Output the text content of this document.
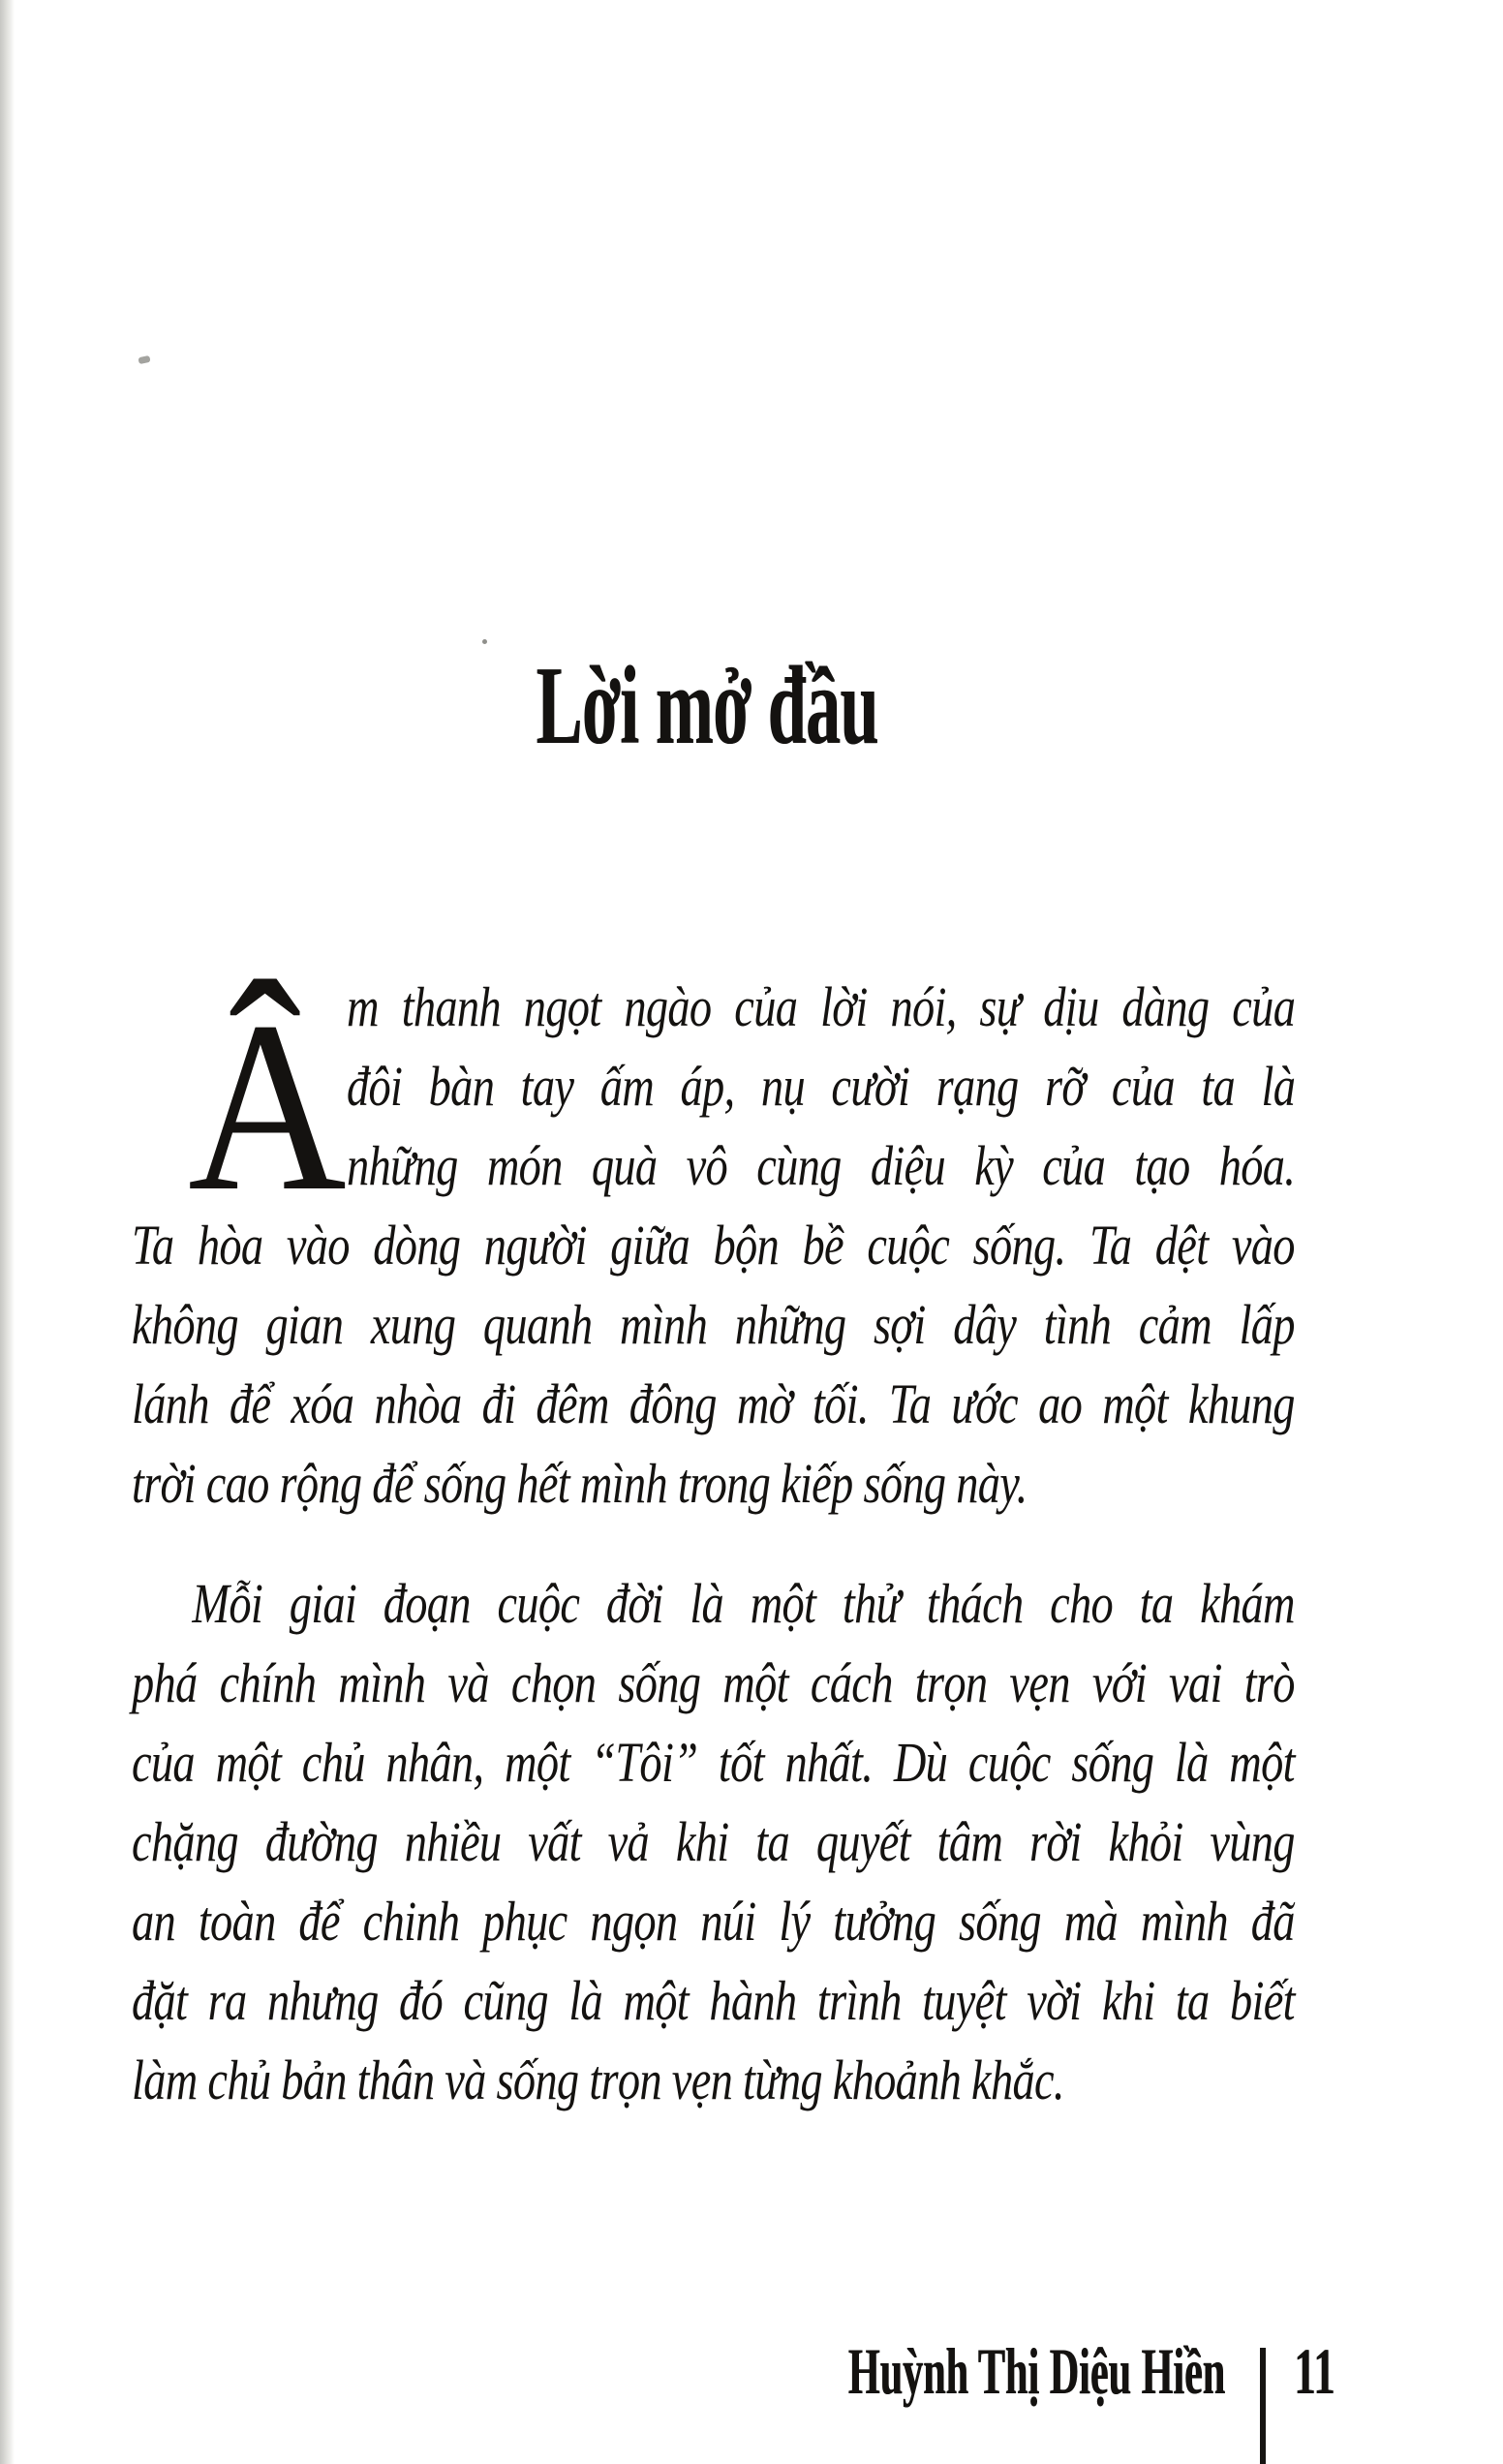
Lời mở đầu
Â m thanh ngọt ngào của lời nói, sự dịu dàng của
đôi bàn tay ấm áp, nụ cười rạng rỡ của ta là
những món quà vô cùng diệu kỳ của tạo hóa.
Ta hòa vào dòng người giữa bộn bề cuộc sống. Ta dệt vào
không gian xung quanh mình những sợi dây tình cảm lấp
lánh để xóa nhòa đi đêm đông mờ tối. Ta ước ao một khung
trời cao rộng để sống hết mình trong kiếp sống này.
Mỗi giai đoạn cuộc đời là một thử thách cho ta khám
phá chính mình và chọn sống một cách trọn vẹn với vai trò
của một chủ nhân, một “Tôi” tốt nhất. Dù cuộc sống là một
chặng đường nhiều vất vả khi ta quyết tâm rời khỏi vùng
an toàn để chinh phục ngọn núi lý tưởng sống mà mình đã
đặt ra nhưng đó cũng là một hành trình tuyệt vời khi ta biết
làm chủ bản thân và sống trọn vẹn từng khoảnh khắc.
Huỳnh Thị Diệu Hiền 11
